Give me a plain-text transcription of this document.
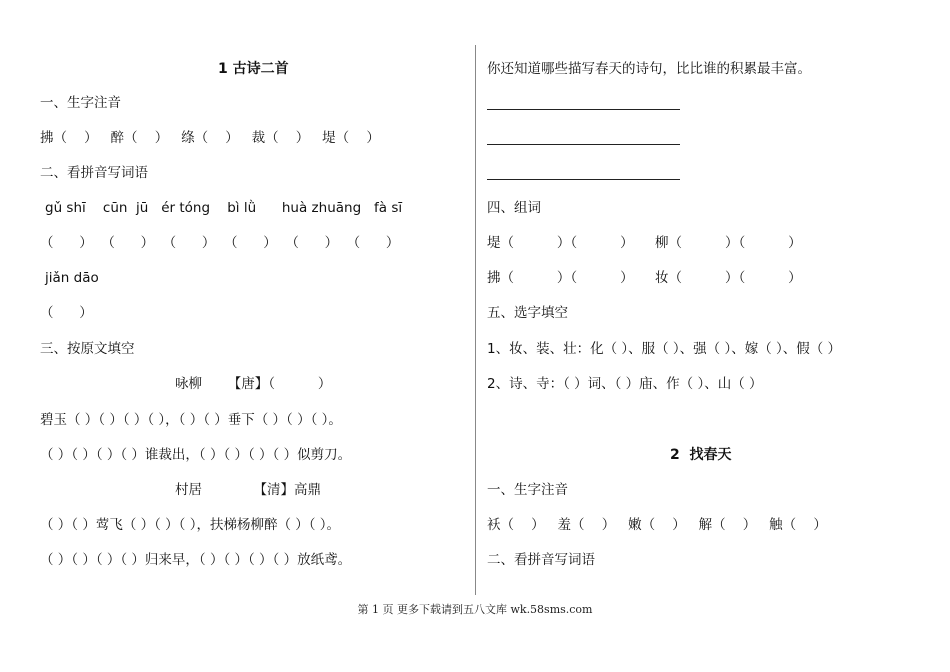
1 古诗二首
一、生字注音
拂（    ）   醉（    ）   绦（    ）   裁（    ）   堤（    ）
二、看拼音写词语
gǔ shī    cūn  jū   ér tóng    bì lǜ      huà zhuāng   fà sī
（      ）  （      ）  （      ）  （      ）  （      ）  （      ）
jiǎn dāo
（      ）
三、按原文填空
咏柳      【唐】（          ）
碧玉（ ）（ ）（ ）（ ），（ ）（ ）垂下（ ）（ ）（ ）。
（ ）（ ）（ ）（ ）谁裁出，（ ）（ ）（ ）（ ）似剪刀。
村居            【清】高鼎
（ ）（ ）莺飞（ ）（ ）（ ），扶梯杨柳醉（ ）（ ）。
（ ）（ ）（ ）（ ）归来早，（ ）（ ）（ ）（ ）放纸鸢。
你还知道哪些描写春天的诗句，比比谁的积累最丰富。
四、组词
堤（          ）（          ）     柳（          ）（          ）
拂（          ）（          ）     妆（          ）（          ）
五、选字填空
1、妆、装、壮：化（ ）、服（ ）、强（ ）、嫁（ ）、假（ ）
2、诗、寺：（ ）词、（ ）庙、作（ ）、山（ ）
2  找春天
一、生字注音
袄（    ）   羞（    ）   嫩（    ）   解（    ）   触（    ）
二、看拼音写词语
第 1 页 更多下载请到五八文库 wk.58sms.com
